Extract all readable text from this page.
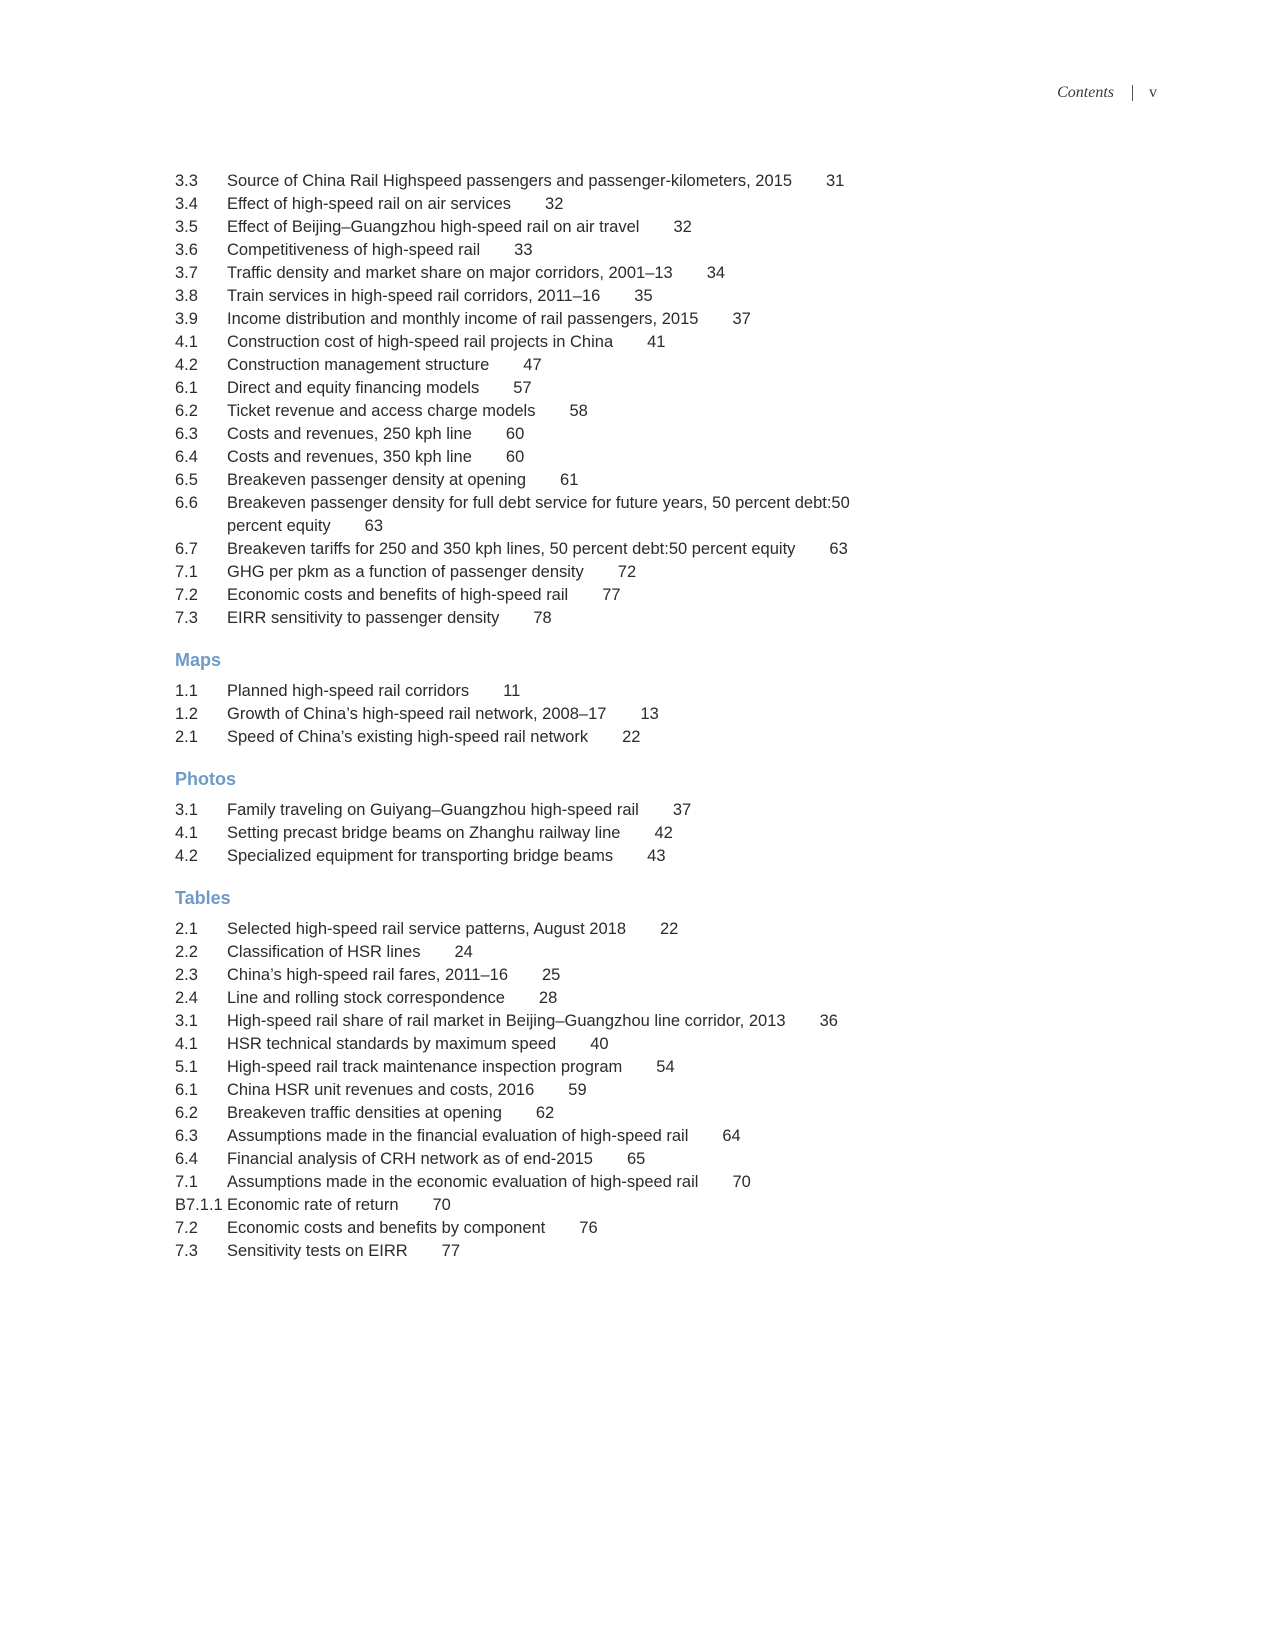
Contents v
3.3	Source of China Rail Highspeed passengers and passenger-kilometers, 2015 31
3.4	Effect of high-speed rail on air services 32
3.5	Effect of Beijing–Guangzhou high-speed rail on air travel 32
3.6	Competitiveness of high-speed rail 33
3.7	Traffic density and market share on major corridors, 2001–13 34
3.8	Train services in high-speed rail corridors, 2011–16 35
3.9	Income distribution and monthly income of rail passengers, 2015 37
4.1	Construction cost of high-speed rail projects in China 41
4.2	Construction management structure 47
6.1	Direct and equity financing models 57
6.2	Ticket revenue and access charge models 58
6.3	Costs and revenues, 250 kph line 60
6.4	Costs and revenues, 350 kph line 60
6.5	Breakeven passenger density at opening 61
6.6	Breakeven passenger density for full debt service for future years, 50 percent debt:50 percent equity 63
6.7	Breakeven tariffs for 250 and 350 kph lines, 50 percent debt:50 percent equity 63
7.1	GHG per pkm as a function of passenger density 72
7.2	Economic costs and benefits of high-speed rail 77
7.3	EIRR sensitivity to passenger density 78
Maps
1.1	Planned high-speed rail corridors 11
1.2	Growth of China’s high-speed rail network, 2008–17 13
2.1	Speed of China’s existing high-speed rail network 22
Photos
3.1	Family traveling on Guiyang–Guangzhou high-speed rail 37
4.1	Setting precast bridge beams on Zhanghu railway line 42
4.2	Specialized equipment for transporting bridge beams 43
Tables
2.1	Selected high-speed rail service patterns, August 2018 22
2.2	Classification of HSR lines 24
2.3	China’s high-speed rail fares, 2011–16 25
2.4	Line and rolling stock correspondence 28
3.1	High-speed rail share of rail market in Beijing–Guangzhou line corridor, 2013 36
4.1	HSR technical standards by maximum speed 40
5.1	High-speed rail track maintenance inspection program 54
6.1	China HSR unit revenues and costs, 2016 59
6.2	Breakeven traffic densities at opening 62
6.3	Assumptions made in the financial evaluation of high-speed rail 64
6.4	Financial analysis of CRH network as of end-2015 65
7.1	Assumptions made in the economic evaluation of high-speed rail 70
B7.1.1 Economic rate of return 70
7.2	Economic costs and benefits by component 76
7.3	Sensitivity tests on EIRR 77
